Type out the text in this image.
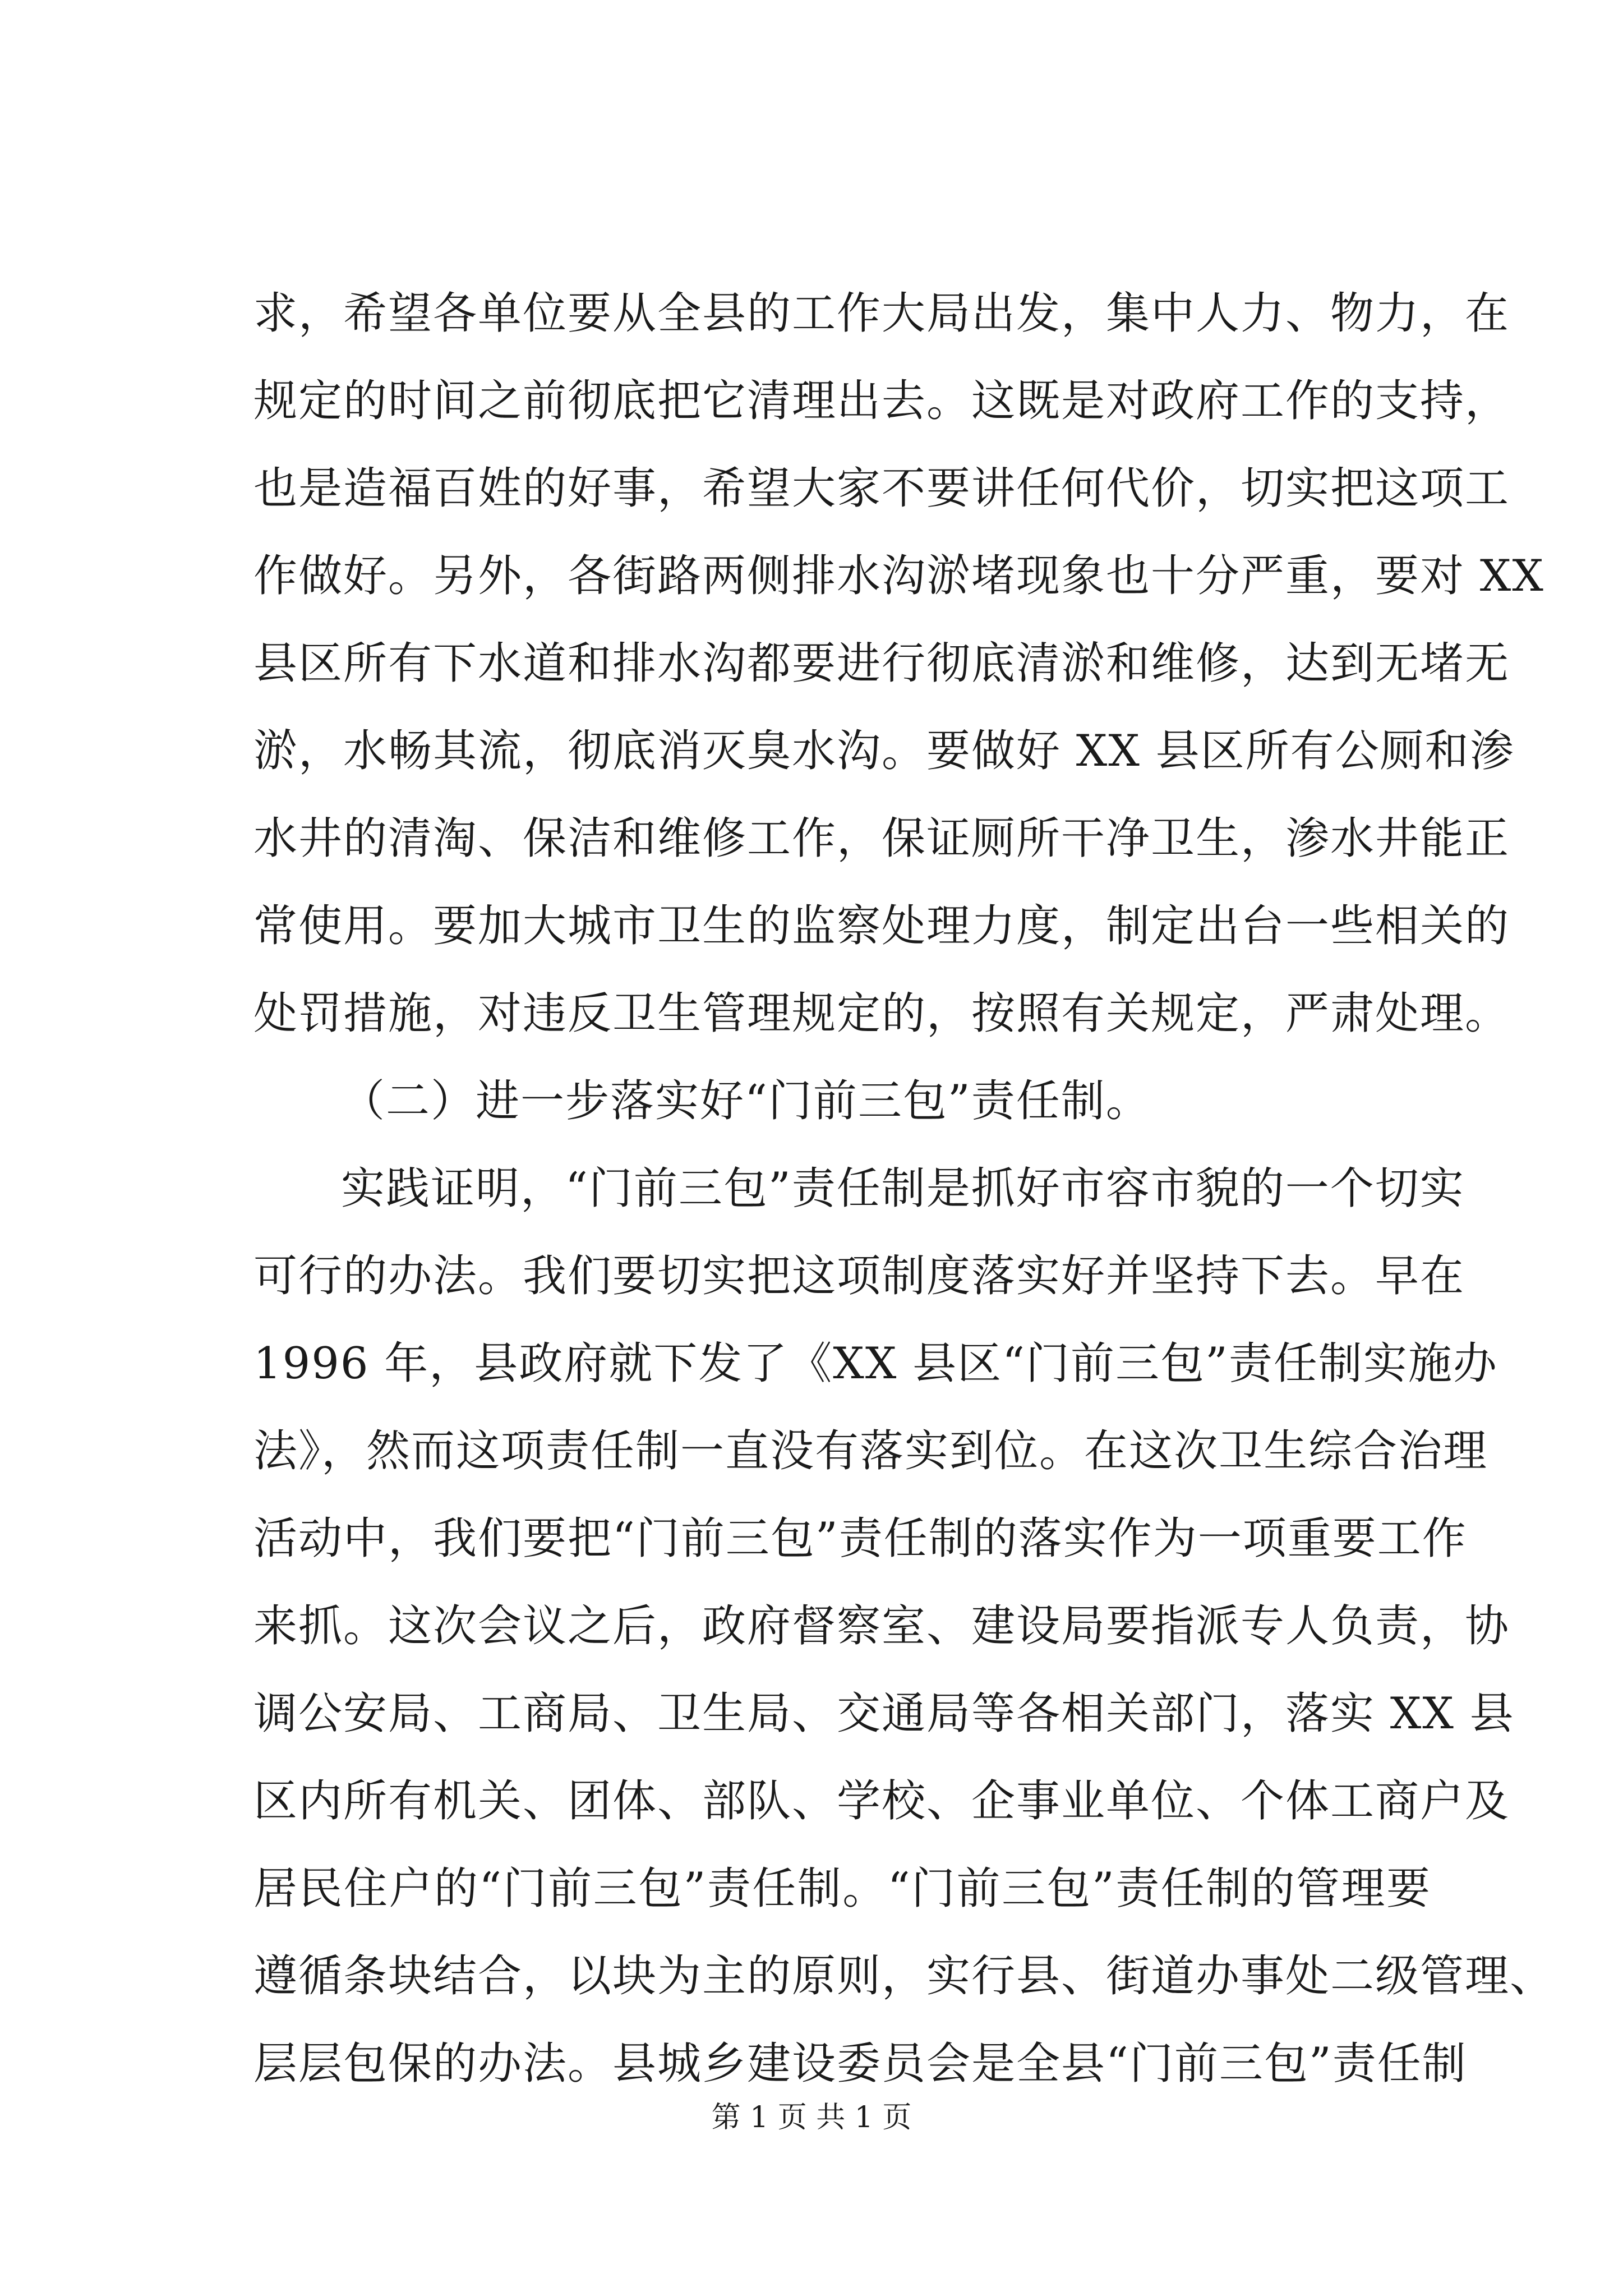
求，希望各单位要从全县的工作大局出发，集中人力、物力，在
规定的时间之前彻底把它清理出去。这既是对政府工作的支持，
也是造福百姓的好事，希望大家不要讲任何代价，切实把这项工
作做好。另外，各街路两侧排水沟淤堵现象也十分严重，要对 XX
县区所有下水道和排水沟都要进行彻底清淤和维修，达到无堵无
淤，水畅其流，彻底消灭臭水沟。要做好 XX 县区所有公厕和渗
水井的清淘、保洁和维修工作，保证厕所干净卫生，渗水井能正
常使用。要加大城市卫生的监察处理力度，制定出台一些相关的
处罚措施，对违反卫生管理规定的，按照有关规定，严肃处理。
（二）进一步落实好“门前三包”责任制。
实践证明，“门前三包”责任制是抓好市容市貌的一个切实
可行的办法。我们要切实把这项制度落实好并坚持下去。早在
1996 年，县政府就下发了《XX 县区“门前三包”责任制实施办
法》，然而这项责任制一直没有落实到位。在这次卫生综合治理
活动中，我们要把“门前三包”责任制的落实作为一项重要工作
来抓。这次会议之后，政府督察室、建设局要指派专人负责，协
调公安局、工商局、卫生局、交通局等各相关部门，落实 XX 县
区内所有机关、团体、部队、学校、企事业单位、个体工商户及
居民住户的“门前三包”责任制。“门前三包”责任制的管理要
遵循条块结合，以块为主的原则，实行县、街道办事处二级管理、
层层包保的办法。县城乡建设委员会是全县“门前三包”责任制
第 1 页 共 1 页
